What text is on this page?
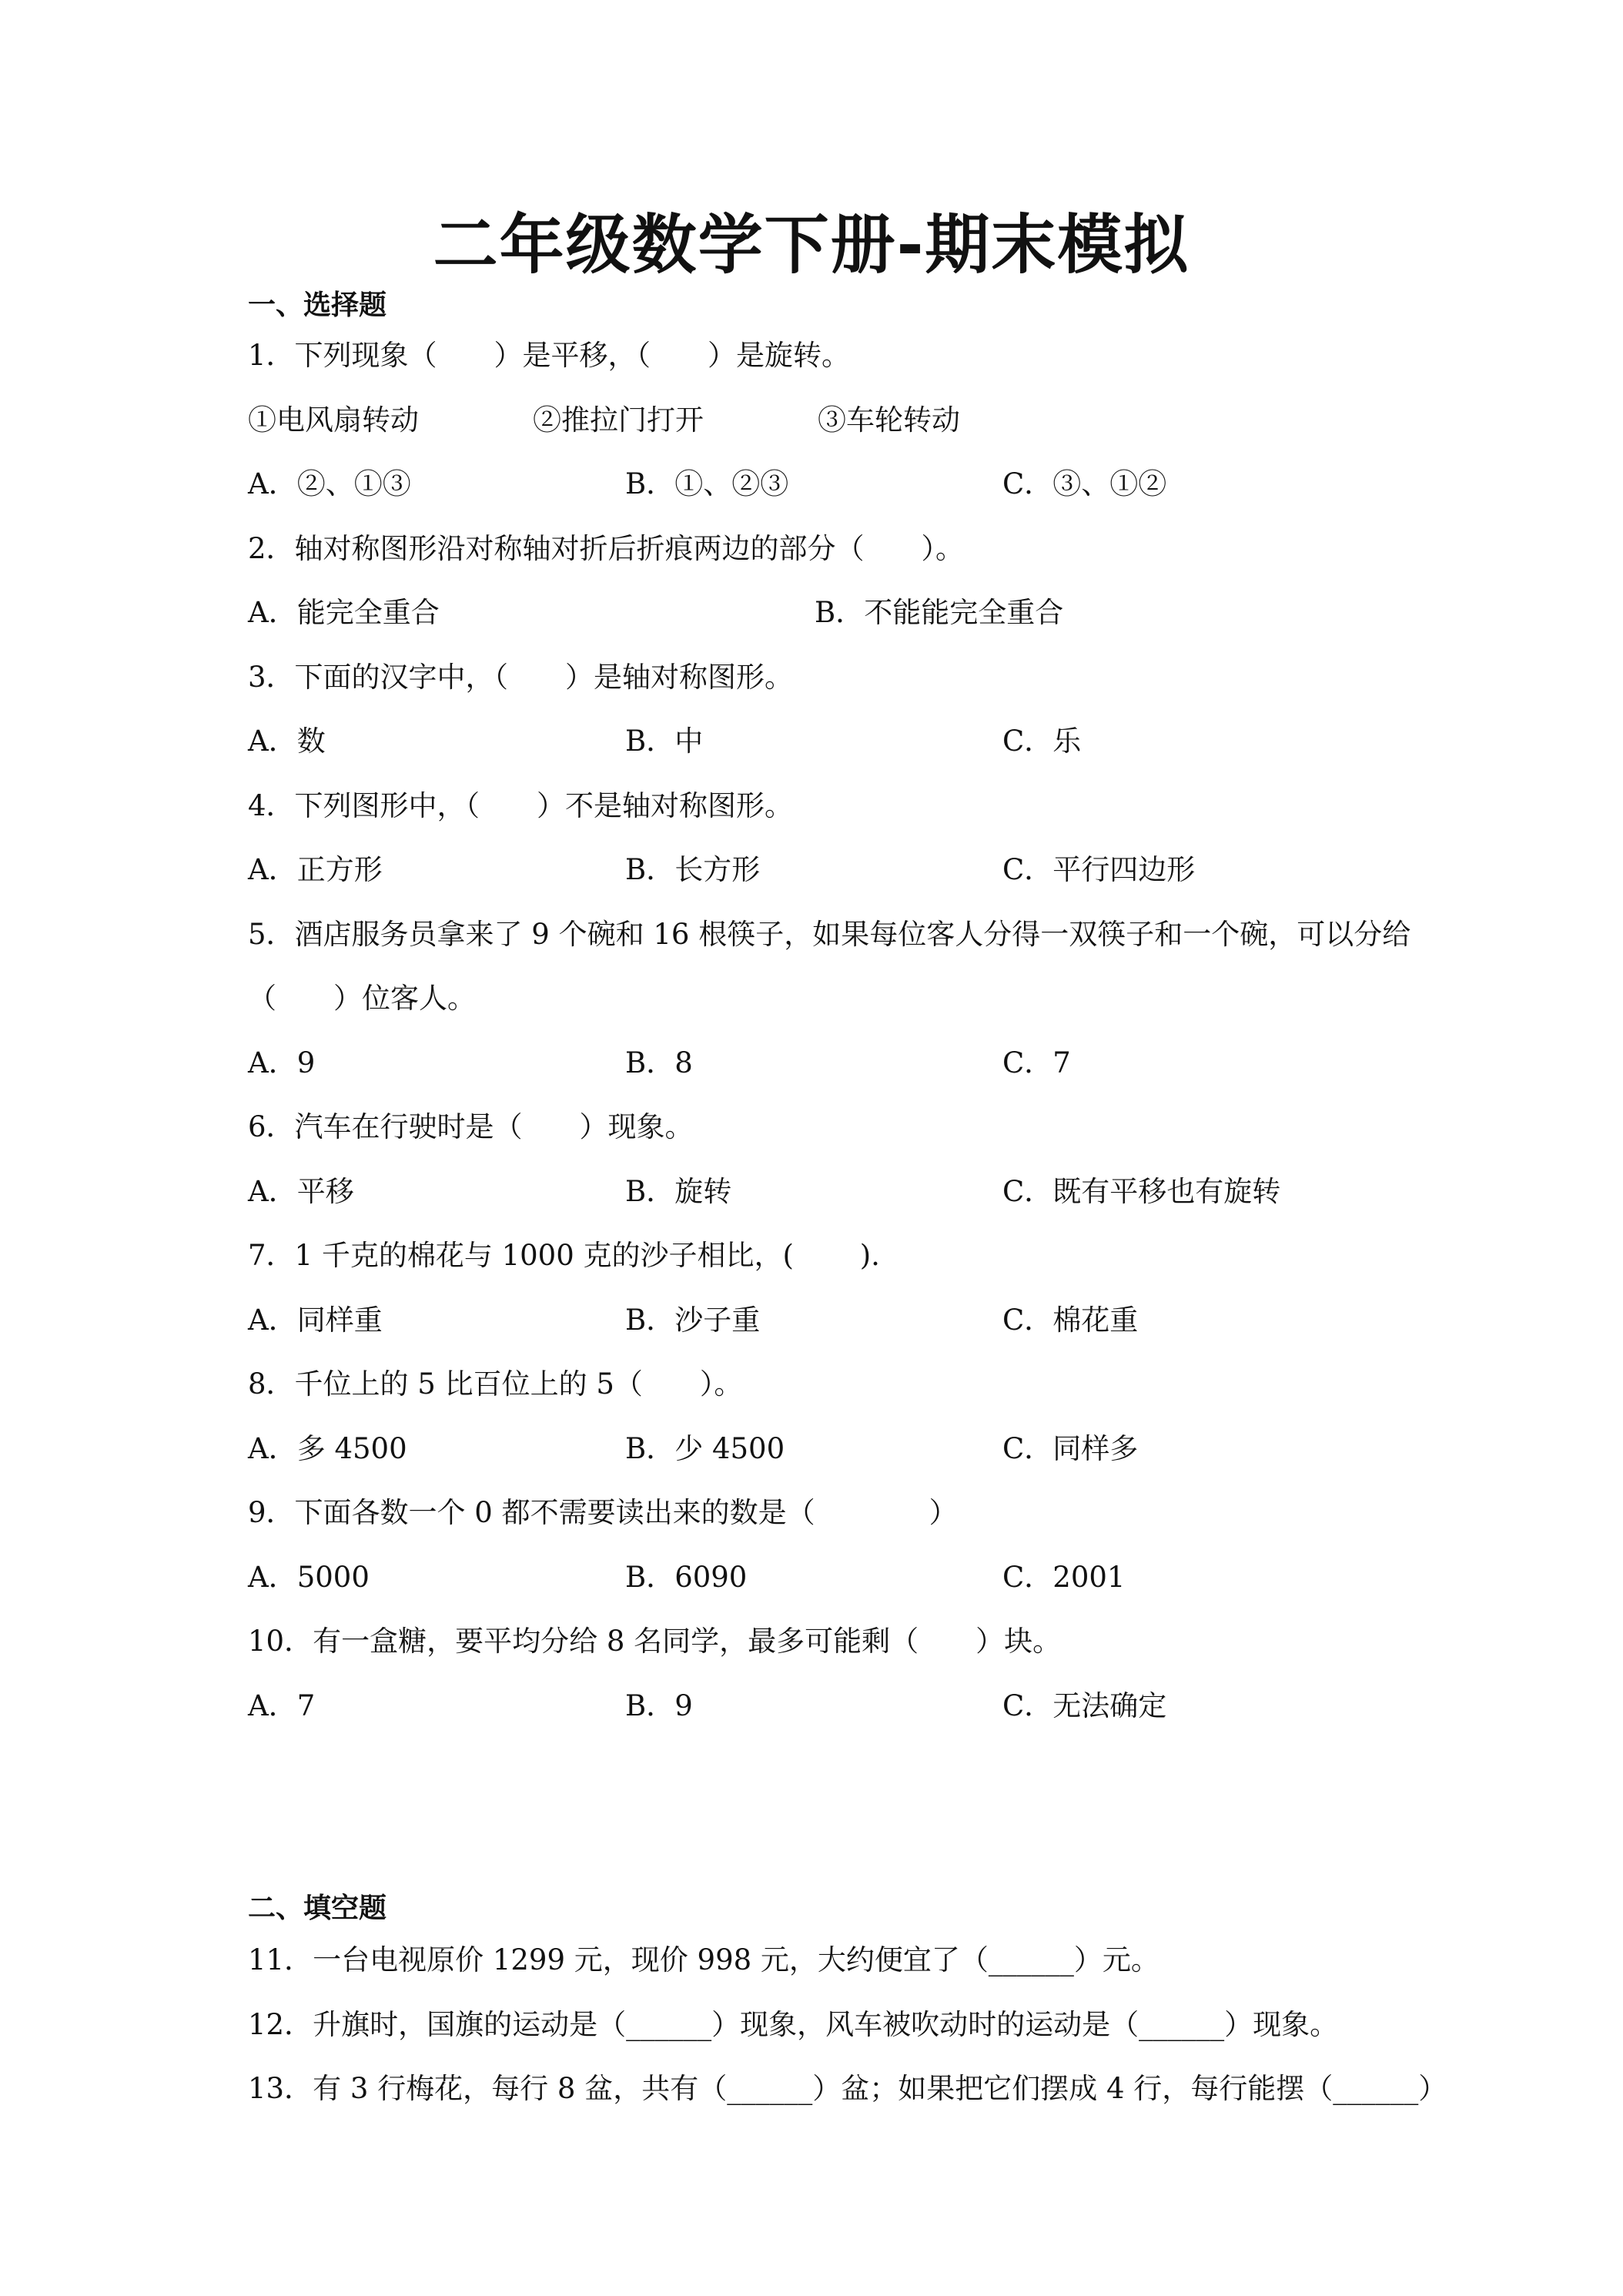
二年级数学下册-期末模拟
一、选择题
1．下列现象（　　）是平移，（　　）是旋转。
①电风扇转动　　　　②推拉门打开　　　　③车轮转动
A．②、①③	B．①、②③	C．③、①②
2．轴对称图形沿对称轴对折后折痕两边的部分（　　）。
A．能完全重合	B．不能能完全重合
3．下面的汉字中，（　　）是轴对称图形。
A．数	B．中	C．乐
4．下列图形中，（　　）不是轴对称图形。
A．正方形	B．长方形	C．平行四边形
5．酒店服务员拿来了 9 个碗和 16 根筷子，如果每位客人分得一双筷子和一个碗，可以分给
（　　）位客人。
A．9	B．8	C．7
6．汽车在行驶时是（　　）现象。
A．平移	B．旋转	C．既有平移也有旋转
7．1 千克的棉花与 1000 克的沙子相比，(　　 ).
A．同样重	B．沙子重	C．棉花重
8．千位上的 5 比百位上的 5（　　）。
A．多 4500	B．少 4500	C．同样多
9．下面各数一个 0 都不需要读出来的数是（　　　　）
A．5000	B．6090	C．2001
10．有一盒糖，要平均分给 8 名同学，最多可能剩（　　）块。
A．7	B．9	C．无法确定
二、填空题
11．一台电视原价 1299 元，现价 998 元，大约便宜了（______）元。
12．升旗时，国旗的运动是（______）现象，风车被吹动时的运动是（______）现象。
13．有 3 行梅花，每行 8 盆，共有（______）盆；如果把它们摆成 4 行，每行能摆（______）
